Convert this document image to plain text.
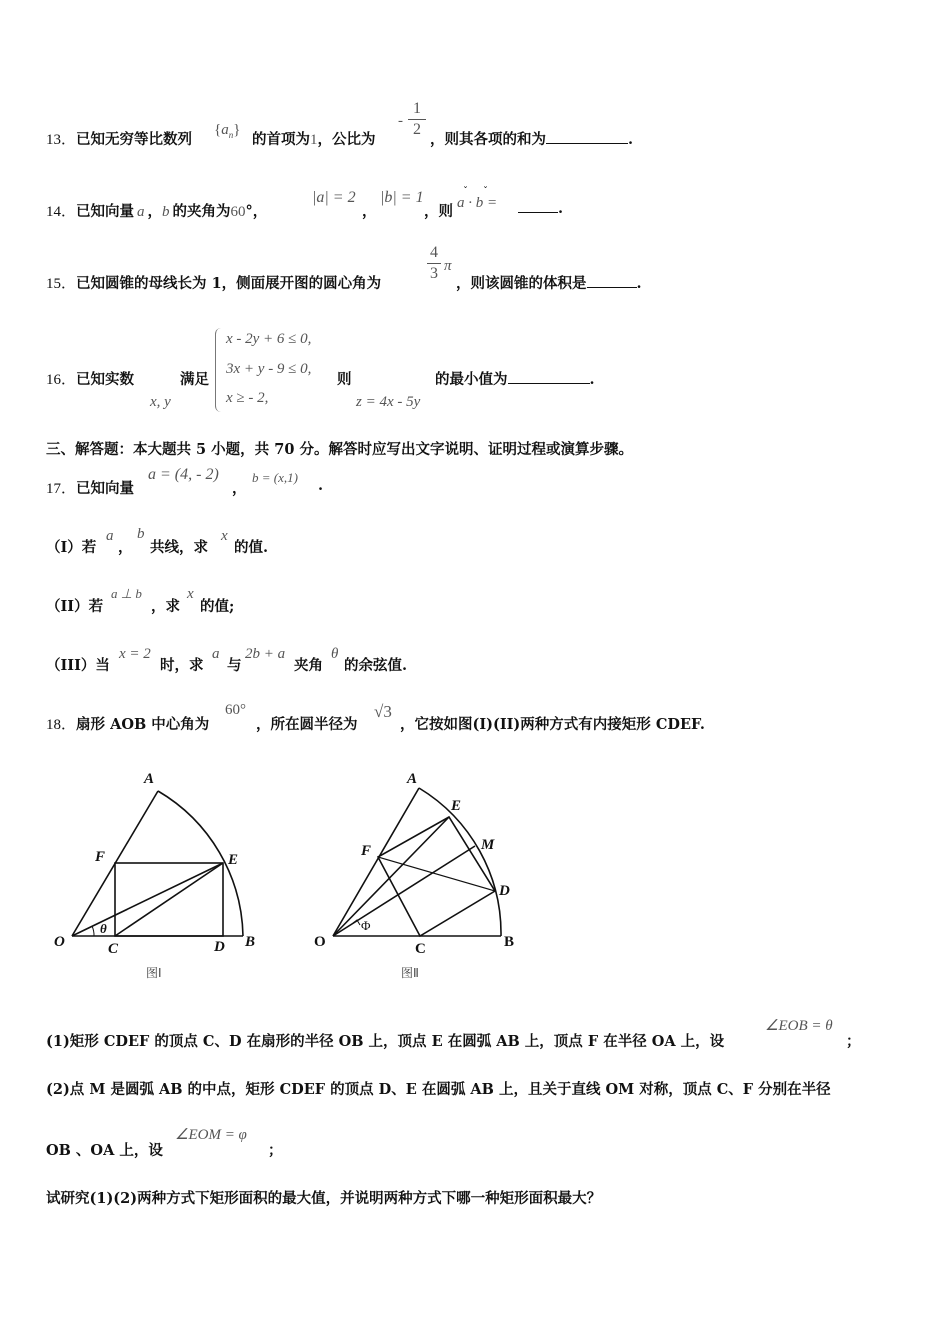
13．已知无穷等比数列
$\{a_n\}$
的首项为1，公比为
-
1
2
，则其各项的和为	.
14．已知向量 a ，b 的夹角为60°，
|a| = 2
，
|b| = 1
，则 a · b =
ˇ ˇ
.
15．已知圆锥的母线长为 1，侧面展开图的圆心角为
4
3 π
，则该圆锥的体积是	.
16．已知实数
x, y
满足
x - 2y + 6 ≤ 0,
3x + y - 9 ≤ 0,
x ≥ - 2,
则
z = 4x - 5y
的最小值为	.
三、解答题：本大题共 5 小题，共 70 分。解答时应写出文字说明、证明过程或演算步骤。
17．已知向量
a = (4, - 2)
，
b = (x,1) .
（I）若
a
，
b
共线，求
x
的值.
（II）若
a ⊥ b
，求
x
的值;
（III）当
x = 2
时，求
a
与
2b + a
夹角
θ
的余弦值.
18．扇形 AOB 中心角为
60°
，所在圆半径为
√3
，它按如图(I)(II)两种方式有内接矩形 CDEF.
A
F	E
O	C	D B
θ
图Ⅰ
A
E
M
F
D
O	C	B
Φ
图Ⅱ
(1)矩形 CDEF 的顶点 C、D 在扇形的半径 OB 上，顶点 E 在圆弧 AB 上，顶点 F 在半径 OA 上，设
∠EOB = θ
；
(2)点 M 是圆弧 AB 的中点，矩形 CDEF 的顶点 D、E 在圆弧 AB 上，且关于直线 OM 对称，顶点 C、F 分别在半径
OB 、OA 上，设
∠EOM = φ
；
试研究(1)(2)两种方式下矩形面积的最大值，并说明两种方式下哪一种矩形面积最大？
